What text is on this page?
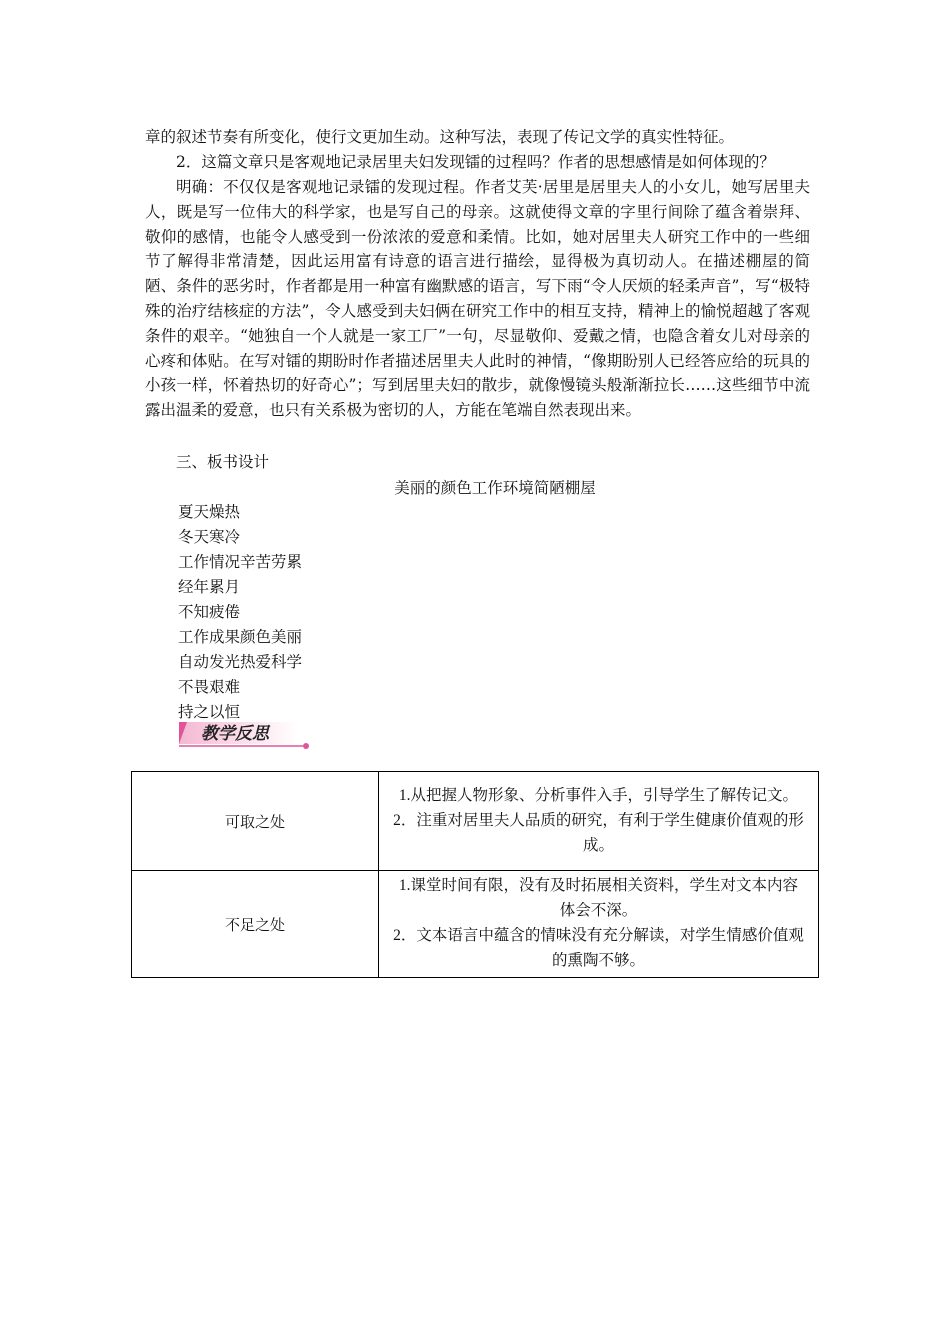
章的叙述节奏有所变化，使行文更加生动。这种写法，表现了传记文学的真实性特征。

2．这篇文章只是客观地记录居里夫妇发现镭的过程吗？作者的思想感情是如何体现的？

明确：不仅仅是客观地记录镭的发现过程。作者艾芙·居里是居里夫人的小女儿，她写居里夫人，既是写一位伟大的科学家，也是写自己的母亲。这就使得文章的字里行间除了蕴含着崇拜、敬仰的感情，也能令人感受到一份浓浓的爱意和柔情。比如，她对居里夫人研究工作中的一些细节了解得非常清楚，因此运用富有诗意的语言进行描绘，显得极为真切动人。在描述棚屋的简陋、条件的恶劣时，作者都是用一种富有幽默感的语言，写下雨“令人厌烦的轻柔声音”，写“极特殊的治疗结核症的方法”，令人感受到夫妇俩在研究工作中的相互支持，精神上的愉悦超越了客观条件的艰辛。“她独自一个人就是一家工厂”一句，尽显敬仰、爱戴之情，也隐含着女儿对母亲的心疼和体贴。在写对镭的期盼时作者描述居里夫人此时的神情，“像期盼别人已经答应给的玩具的小孩一样，怀着热切的好奇心”；写到居里夫妇的散步，就像慢镜头般渐渐拉长……这些细节中流露出温柔的爱意，也只有关系极为密切的人，方能在笔端自然表现出来。

三、板书设计

美丽的颜色工作环境简陋棚屋
夏天燥热
冬天寒冷
工作情况辛苦劳累
经年累月
不知疲倦
工作成果颜色美丽
自动发光热爱科学
不畏艰难
持之以恒
教学反思
可取之处	1.从把握人物形象、分析事件入手，引导学生了解传记文。

2．注重对居里夫人品质的研究，有利于学生健康价值观的形成。

不足之处	1.课堂时间有限，没有及时拓展相关资料，学生对文本内容体会不深。

2．文本语言中蕴含的情味没有充分解读，对学生情感价值观的熏陶不够。
